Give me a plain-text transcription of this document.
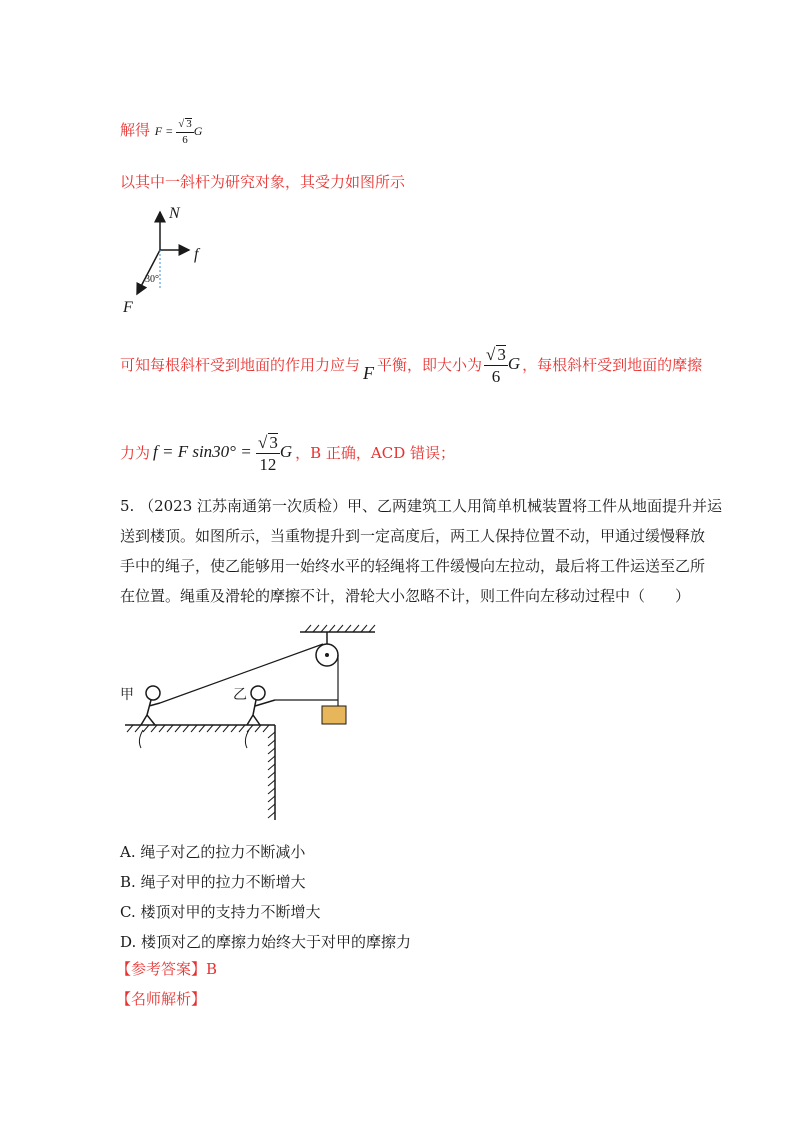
解得 $F = \frac{√ 3}{6}$ G
以其中一斜杆为研究对象，其受力如图所示
N
f
F
30°
可知每根斜杆受到地面的作用力应与 F 平衡，即大小为 $\frac{√ 3}{6}$ G ，每根斜杆受到地面的摩擦
力为 f = F $\sin 30^\circ = \frac{√ 3}{12}$ G ，B 正确，ACD 错误；
5. （2023 江苏南通第一次质检）甲、乙两建筑工人用简单机械装置将工件从地面提升并运
送到楼顶。如图所示，当重物提升到一定高度后，两工人保持位置不动，甲通过缓慢释放
手中的绳子，使乙能够用一始终水平的轻绳将工件缓慢向左拉动，最后将工件运送至乙所
在位置。绳重及滑轮的摩擦不计，滑轮大小忽略不计，则工件向左移动过程中（　　）
甲	乙
A. 绳子对乙的拉力不断减小
B. 绳子对甲的拉力不断增大
C. 楼顶对甲的支持力不断增大
D. 楼顶对乙的摩擦力始终大于对甲的摩擦力
【参考答案】B
【名师解析】
